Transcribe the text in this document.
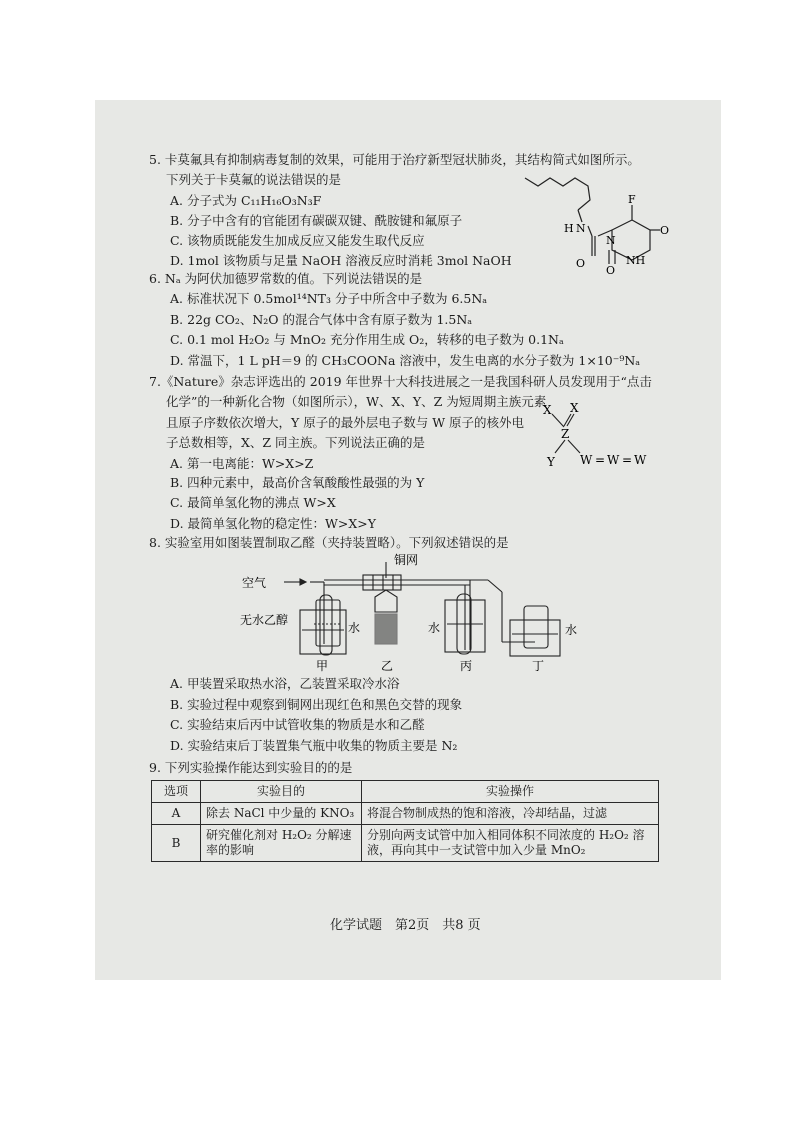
5. 卡莫氟具有抑制病毒复制的效果，可能用于治疗新型冠状肺炎，其结构简式如图所示。
下列关于卡莫氟的说法错误的是
A. 分子式为 C₁₁H₁₆O₃N₃F
B. 分子中含有的官能团有碳碳双键、酰胺键和氟原子
C. 该物质既能发生加成反应又能发生取代反应
D. 1mol 该物质与足量 NaOH 溶液反应时消耗 3mol NaOH
F
O
O
O
H N
N
NH
6. Nₐ 为阿伏加德罗常数的值。下列说法错误的是
A. 标准状况下 0.5mol¹⁴NT₃ 分子中所含中子数为 6.5Nₐ
B. 22g CO₂、N₂O 的混合气体中含有原子数为 1.5Nₐ
C. 0.1 mol H₂O₂ 与 MnO₂ 充分作用生成 O₂，转移的电子数为 0.1Nₐ
D. 常温下，1 L pH＝9 的 CH₃COONa 溶液中，发生电离的水分子数为 1×10⁻⁹Nₐ
7.《Nature》杂志评选出的 2019 年世界十大科技进展之一是我国科研人员发现用于“点击
化学”的一种新化合物（如图所示），W、X、Y、Z 为短周期主族元素
且原子序数依次增大，Y 原子的最外层电子数与 W 原子的核外电
子总数相等，X、Z 同主族。下列说法正确的是
A. 第一电离能：W>X>Z
B. 四种元素中，最高价含氧酸酸性最强的为 Y
C. 最简单氢化物的沸点 W>X
D. 最简单氢化物的稳定性：W>X>Y
X X
Z
Y W = W = W
8. 实验室用如图装置制取乙醛（夹持装置略）。下列叙述错误的是
空气
铜网
无水乙醇
水	水	水
甲	乙	丙	丁
A. 甲装置采取热水浴，乙装置采取冷水浴
B. 实验过程中观察到铜网出现红色和黑色交替的现象
C. 实验结束后丙中试管收集的物质是水和乙醛
D. 实验结束后丁装置集气瓶中收集的物质主要是 N₂
9. 下列实验操作能达到实验目的的是
选项	实验目的	实验操作
A	除去 NaCl 中少量的 KNO₃	将混合物制成热的饱和溶液，冷却结晶，过滤
B	研究催化剂对 H₂O₂ 分解速率的影响	分别向两支试管中加入相同体积不同浓度的 H₂O₂ 溶液，再向其中一支试管中加入少量 MnO₂
化学试题　第2页　共8 页
